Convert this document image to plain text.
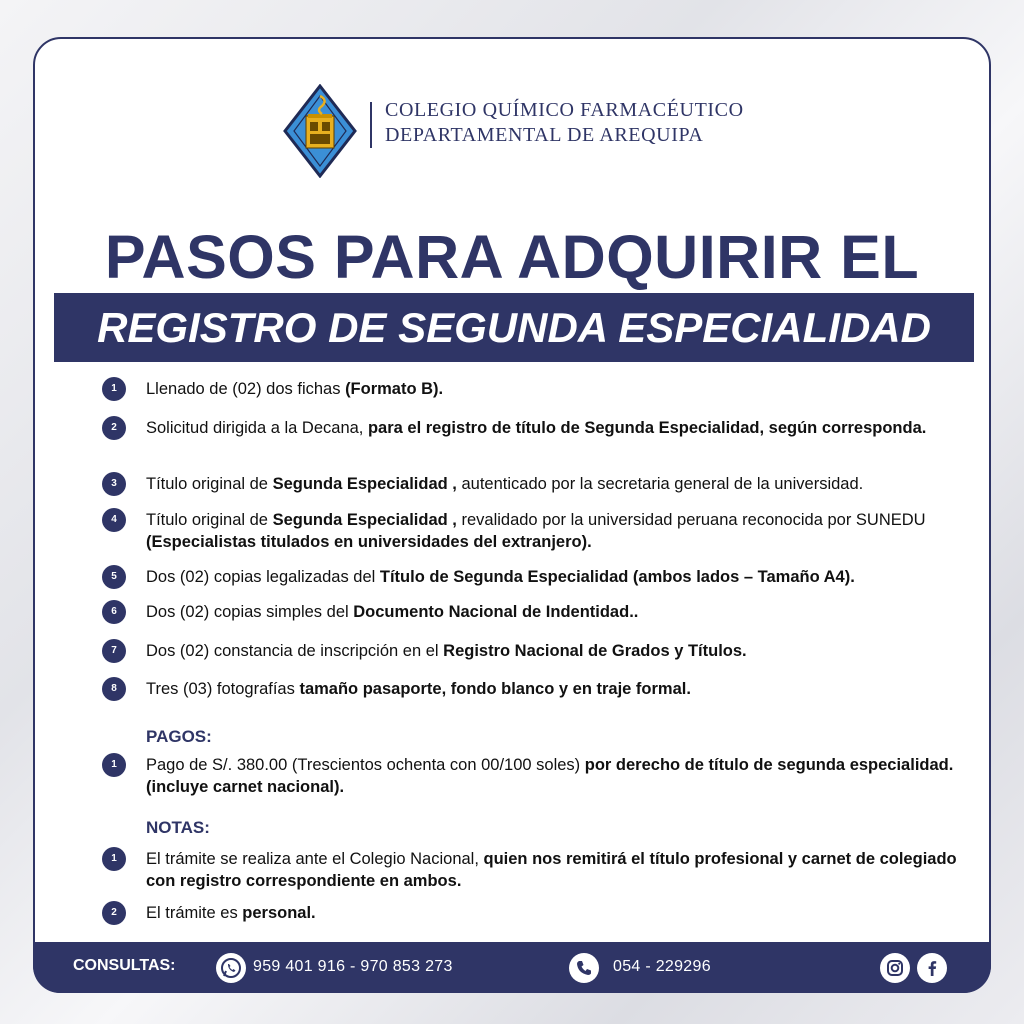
COLEGIO QUÍMICO FARMACÉUTICO
DEPARTAMENTAL DE AREQUIPA
PASOS PARA ADQUIRIR EL
REGISTRO DE SEGUNDA ESPECIALIDAD
1	Llenado de (02) dos fichas (Formato B).
2	Solicitud dirigida a la Decana, para el registro de título de Segunda Especialidad, según corresponda.
3	Título original de Segunda Especialidad , autenticado por la secretaria general de la universidad.
4	Título original de Segunda Especialidad , revalidado por la universidad peruana reconocida por SUNEDU (Especialistas titulados en universidades del extranjero).
5	Dos (02) copias legalizadas del Título de Segunda Especialidad (ambos lados – Tamaño A4).
6	Dos (02) copias simples del Documento Nacional de Indentidad..
7	Dos (02) constancia de inscripción en el Registro Nacional de Grados y Títulos.
8	Tres (03) fotografías tamaño pasaporte, fondo blanco y en traje formal.
PAGOS:
1	Pago de S/. 380.00 (Trescientos ochenta con 00/100 soles) por derecho de título de segunda especialidad. (incluye carnet nacional).
NOTAS:
1	El trámite se realiza ante el Colegio Nacional, quien nos remitirá el título profesional y carnet de colegiado con registro correspondiente en ambos.
2	El trámite es personal.
CONSULTAS:	959 401 916 - 970 853 273	054 - 229296
